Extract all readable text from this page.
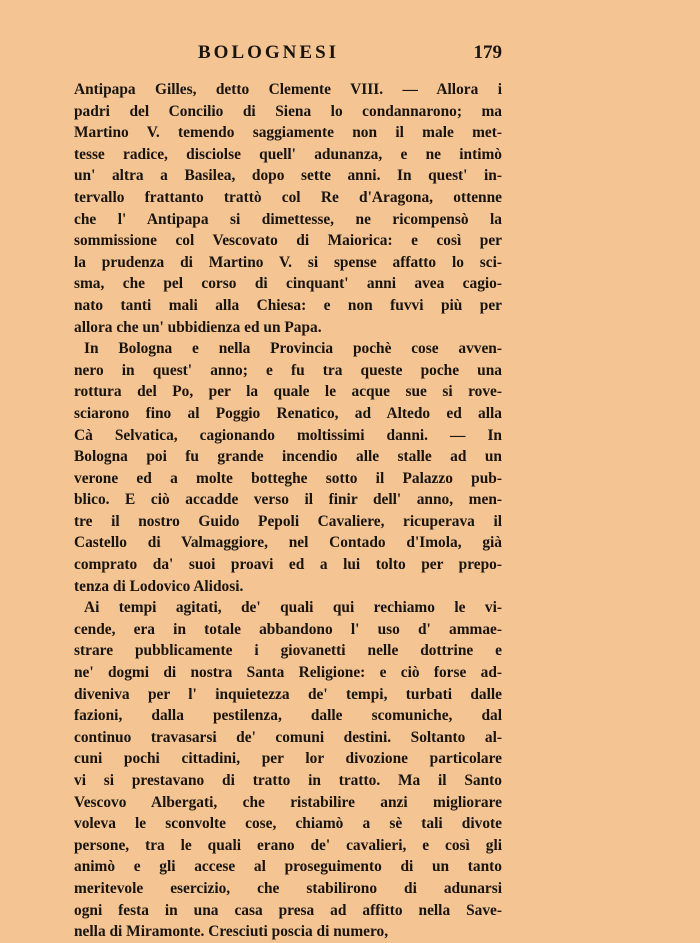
BOLOGNESI	179
Antipapa Gilles, detto Clemente VIII. — Allora i
padri del Concilio di Siena lo condannarono; ma
Martino V. temendo saggiamente non il male met-
tesse radice, disciolse quell' adunanza, e ne intimò
un' altra a Basilea, dopo sette anni. In quest' in-
tervallo frattanto trattò col Re d'Aragona, ottenne
che l' Antipapa si dimettesse, ne ricompensò la
sommissione col Vescovato di Maiorica: e così per
la prudenza di Martino V. si spense affatto lo sci-
sma, che pel corso di cinquant' anni avea cagio-
nato tanti mali alla Chiesa: e non fuvvi più per
allora che un' ubbidienza ed un Papa.
In Bologna e nella Provincia pochè cose avven-
nero in quest' anno; e fu tra queste poche una
rottura del Po, per la quale le acque sue si rove-
sciarono fino al Poggio Renatico, ad Altedo ed alla
Cà Selvatica, cagionando moltissimi danni. — In
Bologna poi fu grande incendio alle stalle ad un
verone ed a molte botteghe sotto il Palazzo pub-
blico. E ciò accadde verso il finir dell' anno, men-
tre il nostro Guido Pepoli Cavaliere, ricuperava il
Castello di Valmaggiore, nel Contado d'Imola, già
comprato da' suoi proavi ed a lui tolto per prepo-
tenza di Lodovico Alidosi.
Ai tempi agitati, de' quali qui rechiamo le vi-
cende, era in totale abbandono l' uso d' ammae-
strare pubblicamente i giovanetti nelle dottrine e
ne' dogmi di nostra Santa Religione: e ciò forse ad-
diveniva per l' inquietezza de' tempi, turbati dalle
fazioni, dalla pestilenza, dalle scomuniche, dal
continuo travasarsi de' comuni destini. Soltanto al-
cuni pochi cittadini, per lor divozione particolare
vi si prestavano di tratto in tratto. Ma il Santo
Vescovo Albergati, che ristabilire anzi migliorare
voleva le sconvolte cose, chiamò a sè tali divote
persone, tra le quali erano de' cavalieri, e così gli
animò e gli accese al proseguimento di un tanto
meritevole esercizio, che stabilirono di adunarsi
ogni festa in una casa presa ad affitto nella Save-
nella di Miramonte. Cresciuti poscia di numero,
